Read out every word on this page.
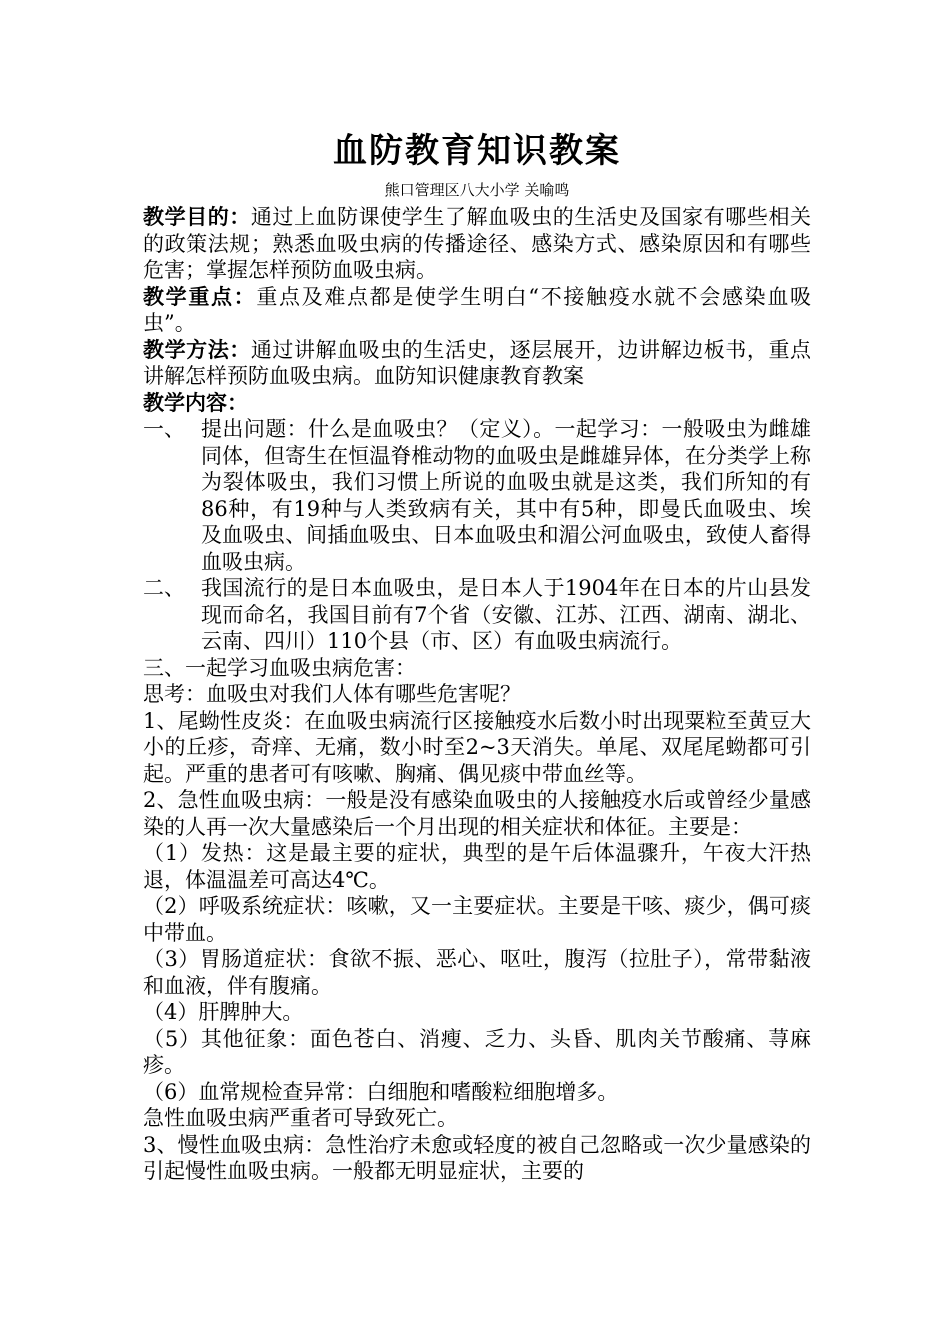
血防教育知识教案
熊口管理区八大小学 关喻鸣

教学目的：通过上血防课使学生了解血吸虫的生活史及国家有哪些相关的政策法规；熟悉血吸虫病的传播途径、感染方式、感染原因和有哪些危害；掌握怎样预防血吸虫病。

教学重点：重点及难点都是使学生明白“不接触疫水就不会感染血吸虫”。

教学方法：通过讲解血吸虫的生活史，逐层展开，边讲解边板书，重点讲解怎样预防血吸虫病。血防知识健康教育教案

教学内容：

一、 提出问题：什么是血吸虫？（定义）。一起学习：一般吸虫为雌雄同体，但寄生在恒温脊椎动物的血吸虫是雌雄异体，在分类学上称为裂体吸虫，我们习惯上所说的血吸虫就是这类，我们所知的有86种，有19种与人类致病有关，其中有5种，即曼氏血吸虫、埃及血吸虫、间插血吸虫、日本血吸虫和湄公河血吸虫，致使人畜得血吸虫病。
二、 我国流行的是日本血吸虫，是日本人于1904年在日本的片山县发现而命名，我国目前有7个省（安徽、江苏、江西、湖南、湖北、云南、四川）110个县（市、区）有血吸虫病流行。

三、一起学习血吸虫病危害：

思考：血吸虫对我们人体有哪些危害呢？

1、尾蚴性皮炎：在血吸虫病流行区接触疫水后数小时出现粟粒至黄豆大小的丘疹，奇痒、无痛，数小时至2~3天消失。单尾、双尾尾蚴都可引起。严重的患者可有咳嗽、胸痛、偶见痰中带血丝等。

2、急性血吸虫病：一般是没有感染血吸虫的人接触疫水后或曾经少量感染的人再一次大量感染后一个月出现的相关症状和体征。主要是：

（1）发热：这是最主要的症状，典型的是午后体温骤升，午夜大汗热退，体温温差可高达4℃。

（2）呼吸系统症状：咳嗽，又一主要症状。主要是干咳、痰少，偶可痰中带血。

（3）胃肠道症状：食欲不振、恶心、呕吐，腹泻（拉肚子），常带黏液和血液，伴有腹痛。

（4）肝脾肿大。

（5）其他征象：面色苍白、消瘦、乏力、头昏、肌肉关节酸痛、荨麻疹。

（6）血常规检查异常：白细胞和嗜酸粒细胞增多。

急性血吸虫病严重者可导致死亡。

3、慢性血吸虫病：急性治疗未愈或轻度的被自己忽略或一次少量感染的引起慢性血吸虫病。一般都无明显症状，主要的
